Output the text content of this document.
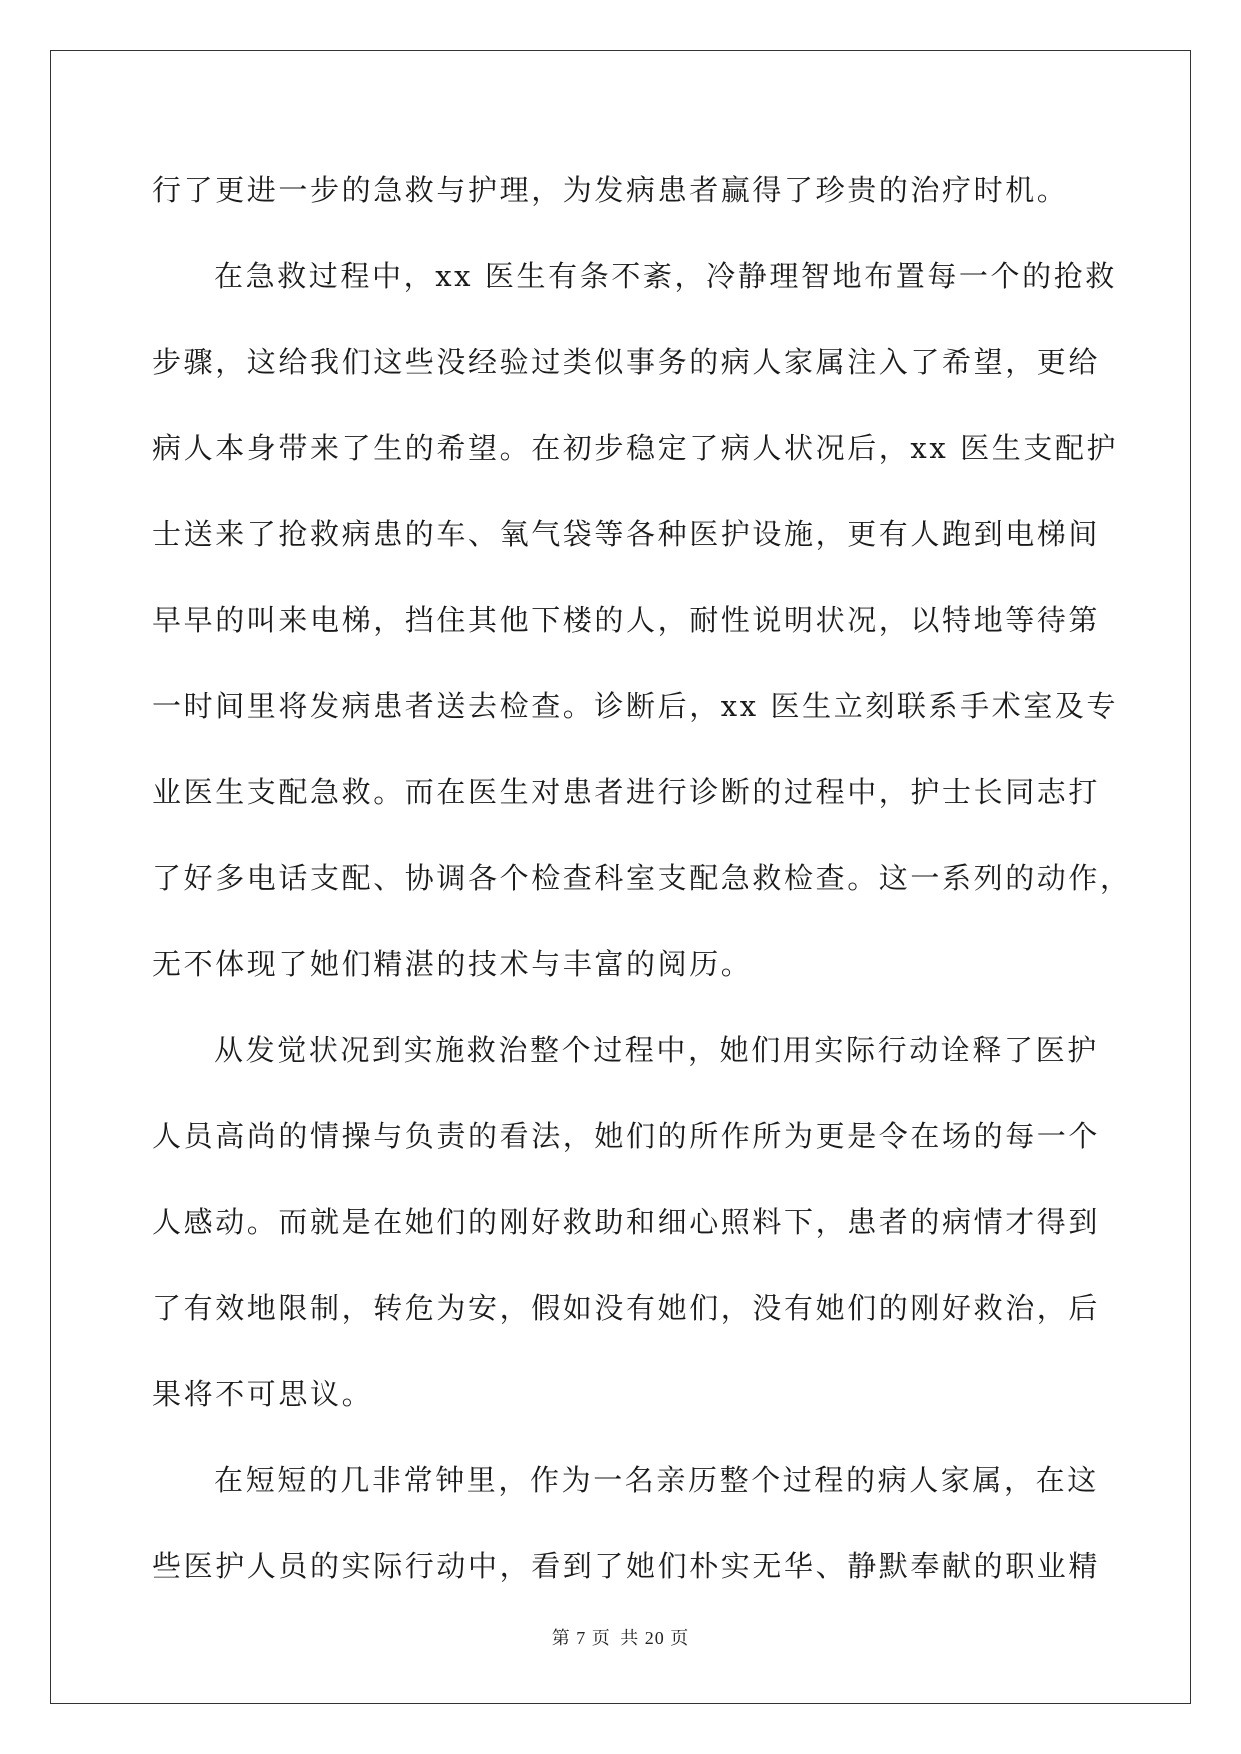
行了更进一步的急救与护理，为发病患者赢得了珍贵的治疗时机。
在急救过程中，xx 医生有条不紊，冷静理智地布置每一个的抢救
步骤，这给我们这些没经验过类似事务的病人家属注入了希望，更给
病人本身带来了生的希望。在初步稳定了病人状况后，xx 医生支配护
士送来了抢救病患的车、氧气袋等各种医护设施，更有人跑到电梯间
早早的叫来电梯，挡住其他下楼的人，耐性说明状况，以特地等待第
一时间里将发病患者送去检查。诊断后，xx 医生立刻联系手术室及专
业医生支配急救。而在医生对患者进行诊断的过程中，护士长同志打
了好多电话支配、协调各个检查科室支配急救检查。这一系列的动作，
无不体现了她们精湛的技术与丰富的阅历。
从发觉状况到实施救治整个过程中，她们用实际行动诠释了医护
人员高尚的情操与负责的看法，她们的所作所为更是令在场的每一个
人感动。而就是在她们的刚好救助和细心照料下，患者的病情才得到
了有效地限制，转危为安，假如没有她们，没有她们的刚好救治，后
果将不可思议。
在短短的几非常钟里，作为一名亲历整个过程的病人家属，在这
些医护人员的实际行动中，看到了她们朴实无华、静默奉献的职业精
第 7 页 共 20 页
